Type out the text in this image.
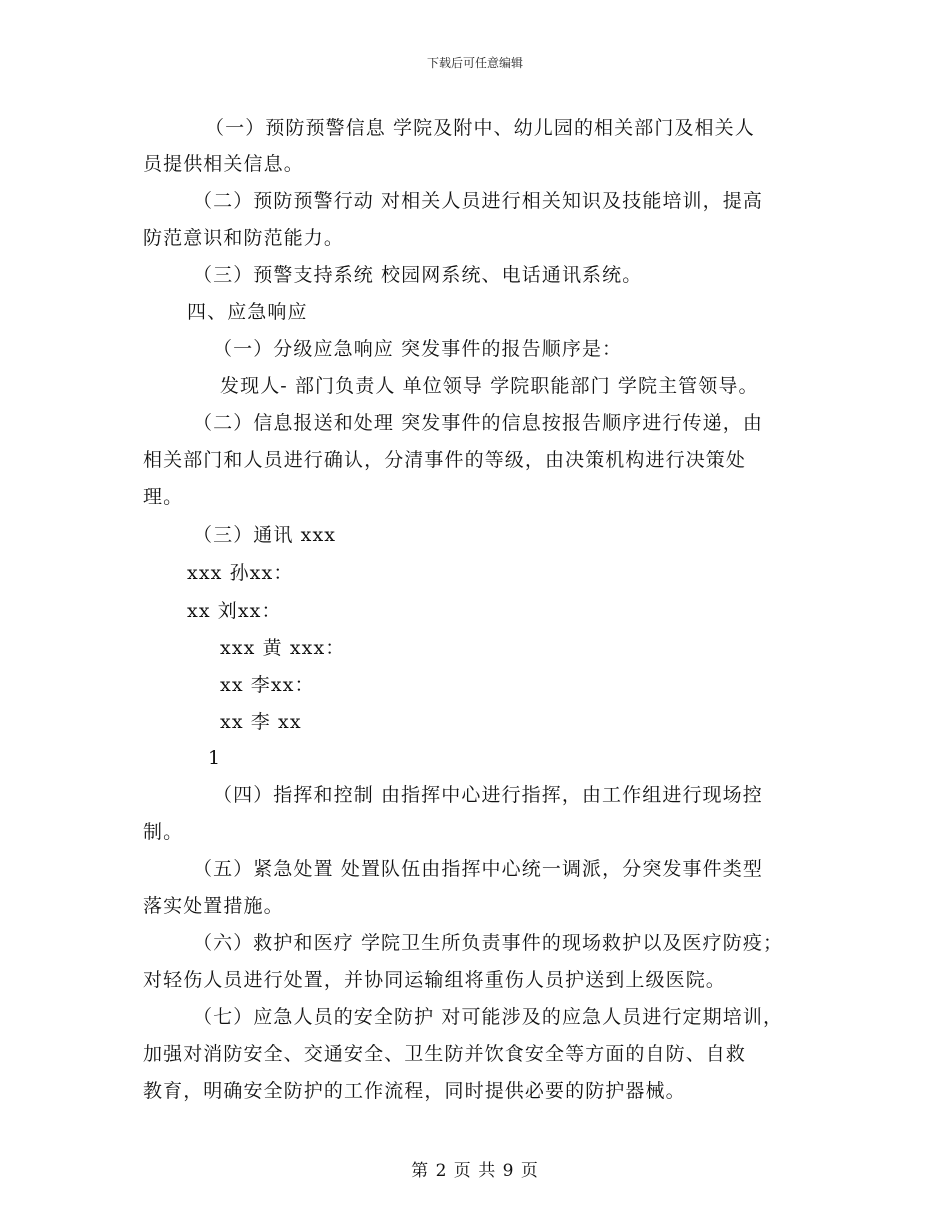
下载后可任意编辑
（一）预防预警信息 学院及附中、幼儿园的相关部门及相关人
员提供相关信息。
（二）预防预警行动 对相关人员进行相关知识及技能培训，提高
防范意识和防范能力。
（三）预警支持系统 校园网系统、电话通讯系统。
四、应急响应
（一）分级应急响应 突发事件的报告顺序是：
发现人- 部门负责人 单位领导 学院职能部门 学院主管领导。
（二）信息报送和处理 突发事件的信息按报告顺序进行传递，由
相关部门和人员进行确认，分清事件的等级，由决策机构进行决策处
理。
（三）通讯 xxx
xxx 孙xx：
xx 刘xx：
xxx 黄 xxx：
xx 李xx：
xx 李 xx
1
（四）指挥和控制 由指挥中心进行指挥，由工作组进行现场控
制。
（五）紧急处置 处置队伍由指挥中心统一调派，分突发事件类型
落实处置措施。
（六）救护和医疗 学院卫生所负责事件的现场救护以及医疗防疫；
对轻伤人员进行处置，并协同运输组将重伤人员护送到上级医院。
（七）应急人员的安全防护 对可能涉及的应急人员进行定期培训，
加强对消防安全、交通安全、卫生防并饮食安全等方面的自防、自救
教育，明确安全防护的工作流程，同时提供必要的防护器械。
第 2 页 共 9 页
